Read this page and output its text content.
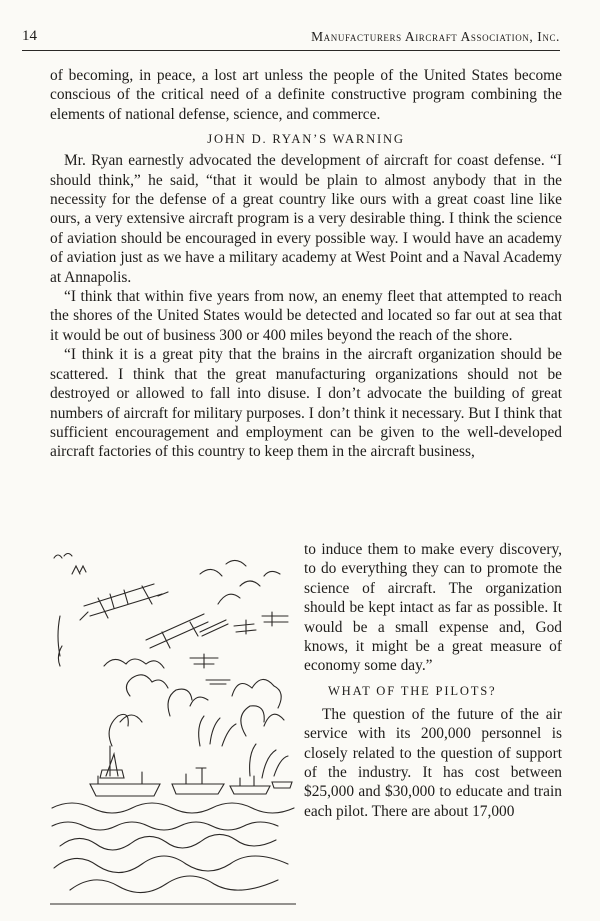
14	Manufacturers Aircraft Association, Inc.

of becoming, in peace, a lost art unless the people of the United States become conscious of the critical need of a definite constructive program combining the elements of national defense, science, and commerce.

JOHN D. RYAN’S WARNING

Mr. Ryan earnestly advocated the development of aircraft for coast defense. “I should think,” he said, “that it would be plain to almost anybody that in the necessity for the defense of a great country like ours with a great coast line like ours, a very extensive aircraft program is a very desirable thing. I think the science of aviation should be encouraged in every possible way. I would have an academy of aviation just as we have a military academy at West Point and a Naval Academy at Annapolis.

“I think that within five years from now, an enemy fleet that attempted to reach the shores of the United States would be detected and located so far out at sea that it would be out of business 300 or 400 miles beyond the reach of the shore.

“I think it is a great pity that the brains in the aircraft organization should be scattered. I think that the great manufacturing organizations should not be destroyed or allowed to fall into disuse. I don’t advocate the building of great numbers of aircraft for military purposes. I don’t think it necessary. But I think that sufficient encouragement and employment can be given to the well-developed aircraft factories of this country to keep them in the aircraft business,

to induce them to make every discovery, to do everything they can to promote the science of aircraft. The organization should be kept intact as far as possible. It would be a small expense and, God knows, it might be a great measure of economy some day.”

WHAT OF THE PILOTS?

The question of the future of the air service with its 200,000 personnel is closely related to the question of support of the industry. It has cost between $25,000 and $30,000 to educate and train each pilot. There are about 17,000
